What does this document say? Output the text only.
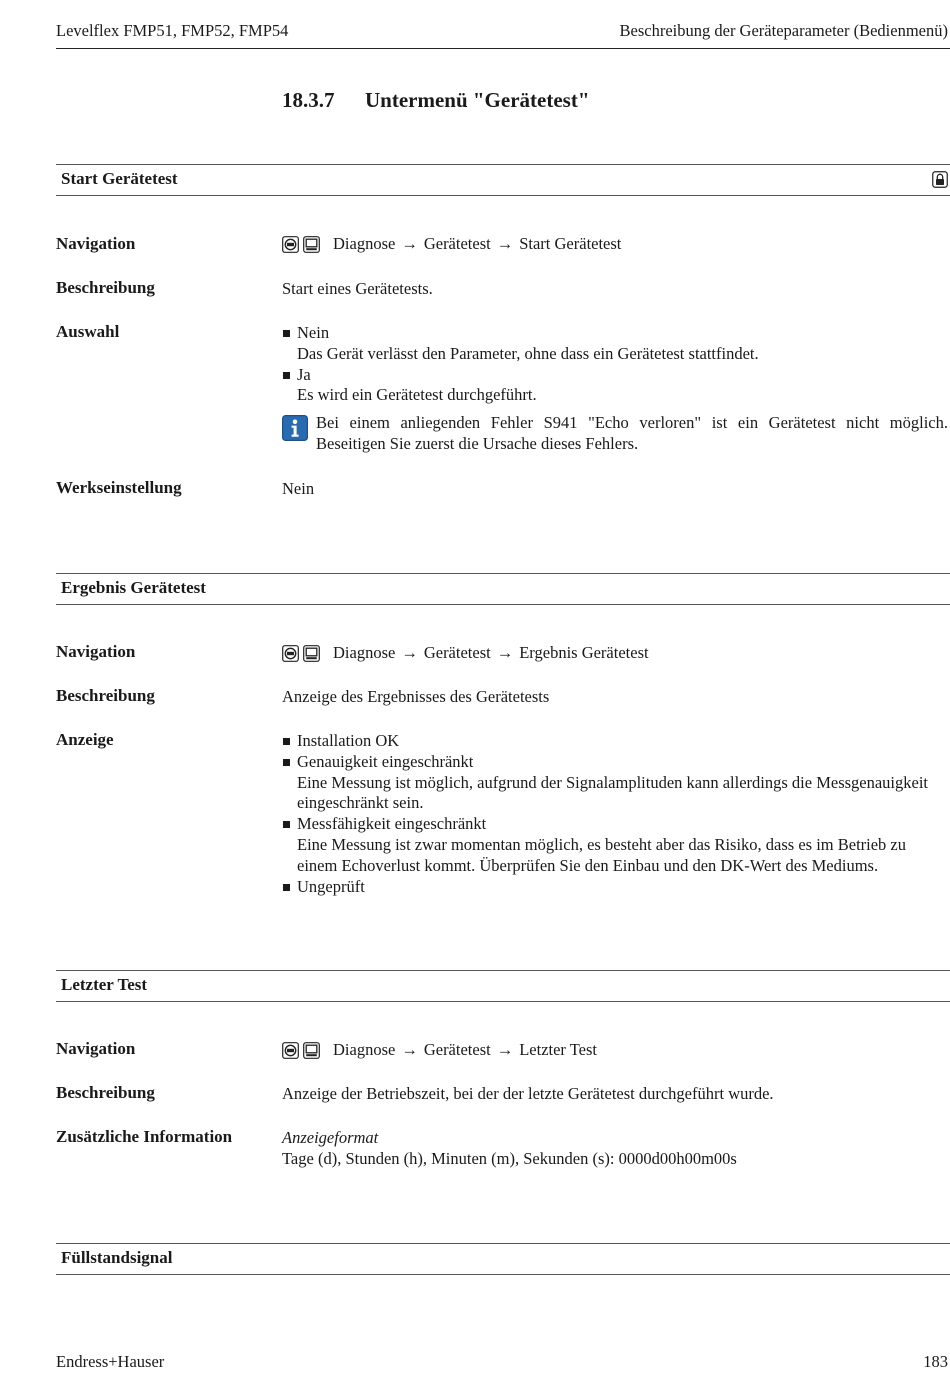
Levelflex FMP51, FMP52, FMP54	Beschreibung der Geräteparameter (Bedienmenü)
18.3.7 Untermenü "Gerätetest"
Start Gerätetest
Navigation	Diagnose → Gerätetest → Start Gerätetest
Beschreibung	Start eines Gerätetests.
Auswahl	Nein
Das Gerät verlässt den Parameter, ohne dass ein Gerätetest stattfindet.
Ja
Es wird ein Gerätetest durchgeführt.
Bei einem anliegenden Fehler S941 "Echo verloren" ist ein Gerätetest nicht möglich. Beseitigen Sie zuerst die Ursache dieses Fehlers.
Werkseinstellung	Nein
Ergebnis Gerätetest
Navigation	Diagnose → Gerätetest → Ergebnis Gerätetest
Beschreibung	Anzeige des Ergebnisses des Gerätetests
Anzeige	Installation OK
Genauigkeit eingeschränkt
Eine Messung ist möglich, aufgrund der Signalamplituden kann allerdings die Messgenauigkeit eingeschränkt sein.
Messfähigkeit eingeschränkt
Eine Messung ist zwar momentan möglich, es besteht aber das Risiko, dass es im Betrieb zu einem Echoverlust kommt. Überprüfen Sie den Einbau und den DK-Wert des Mediums.
Ungeprüft
Letzter Test
Navigation	Diagnose → Gerätetest → Letzter Test
Beschreibung	Anzeige der Betriebszeit, bei der der letzte Gerätetest durchgeführt wurde.
Zusätzliche Information	Anzeigeformat
Tage (d), Stunden (h), Minuten (m), Sekunden (s): 0000d00h00m00s
Füllstandsignal
Endress+Hauser	183
